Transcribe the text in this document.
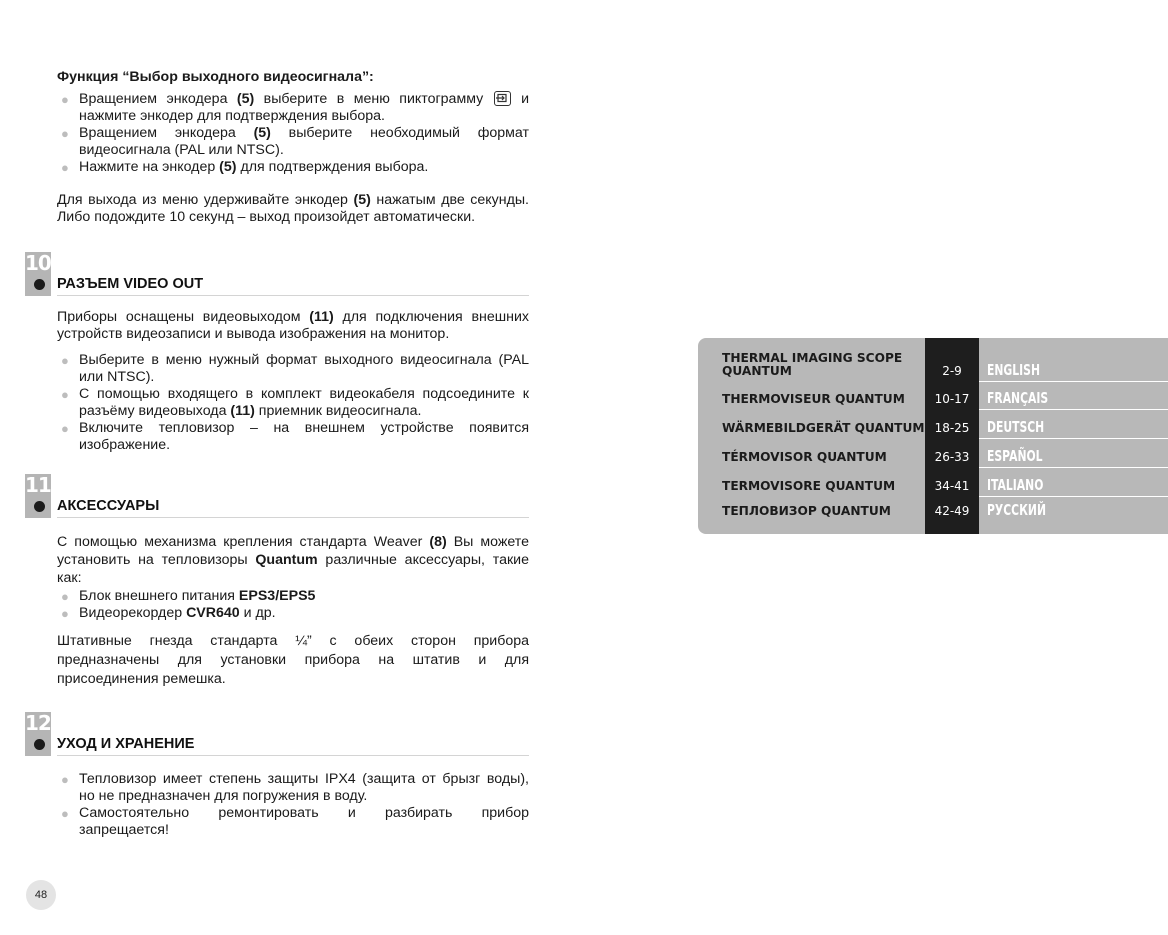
Функция “Выбор выходного видеосигнала”:

● Вращением энкодера (5) выберите в меню пиктограмму
и
нажмите энкодер для подтверждения выбора.
● Вращением энкодера (5) выберите необходимый формат
видеосигнала (PAL или NTSC).
● Нажмите на энкодер (5) для подтверждения выбора.
Для выхода из меню удерживайте энкодер (5) нажатым две секунды.
Либо подождите 10 секунд – выход произойдет автоматически.
10
РАЗЪЕМ VIDEO OUT
Приборы оснащены видеовыходом (11) для подключения внешних
устройств видеозаписи и вывода изображения на монитор.
● Выберите в меню нужный формат выходного видеосигнала (PAL
или NTSC).
● С помощью входящего в комплект видеокабеля подсоедините к
разъёму видеовыхода (11) приемник видеосигнала.
● Включите тепловизор – на внешнем устройстве появится
изображение.
11
АКСЕССУАРЫ
С помощью механизма крепления стандарта Weaver (8) Вы можете
установить на тепловизоры Quantum различные аксессуары, такие
как:
● Блок внешнего питания EPS3/EPS5
● Видеорекордер CVR640 и др.
Штативные гнезда стандарта ¼” с обеих сторон прибора
предназначены для установки прибора на штатив и для
присоединения ремешка.
12
УХОД И ХРАНЕНИЕ
● Тепловизор имеет степень защиты IPX4 (защита от брызг воды),
но не предназначен для погружения в воду.
● Самостоятельно ремонтировать и разбирать прибор
запрещается!
THERMAL IMAGING SCOPE
QUANTUM	2-9	ENGLISH
THERMOVISEUR QUANTUM	10-17	FRANÇAIS
WÄRMEBILDGERÄT QUANTUM 18-25	DEUTSCH
TÉRMOVISOR QUANTUM	26-33	ESPAÑOL
TERMOVISORE QUANTUM	34-41	ITALIANO
ТЕПЛОВИЗОР QUANTUM	42-49	РУССКИЙ
48
